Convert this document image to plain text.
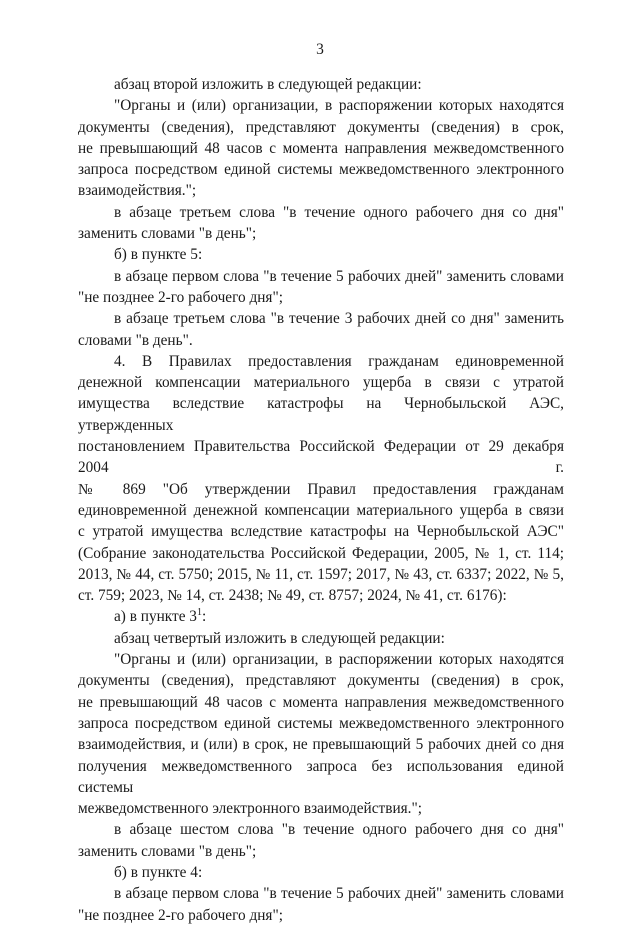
3
абзац второй изложить в следующей редакции:
"Органы и (или) организации, в распоряжении которых находятся
документы (сведения), представляют документы (сведения) в срок,
не превышающий 48 часов с момента направления межведомственного
запроса посредством единой системы межведомственного электронного
взаимодействия.";
в абзаце третьем слова "в течение одного рабочего дня со дня"
заменить словами "в день";
б) в пункте 5:
в абзаце первом слова "в течение 5 рабочих дней" заменить словами
"не позднее 2-го рабочего дня";
в абзаце третьем слова "в течение 3 рабочих дней со дня" заменить
словами "в день".
4. В Правилах предоставления гражданам единовременной
денежной компенсации материального ущерба в связи с утратой
имущества вследствие катастрофы на Чернобыльской АЭС, утвержденных
постановлением Правительства Российской Федерации от 29 декабря 2004 г.
№ 869 "Об утверждении Правил предоставления гражданам
единовременной денежной компенсации материального ущерба в связи
с утратой имущества вследствие катастрофы на Чернобыльской АЭС"
(Собрание законодательства Российской Федерации, 2005, № 1, ст. 114;
2013, № 44, ст. 5750; 2015, № 11, ст. 1597; 2017, № 43, ст. 6337; 2022, № 5,
ст. 759; 2023, № 14, ст. 2438; № 49, ст. 8757; 2024, № 41, ст. 6176):
а) в пункте $3^1$:
абзац четвертый изложить в следующей редакции:
"Органы и (или) организации, в распоряжении которых находятся
документы (сведения), представляют документы (сведения) в срок,
не превышающий 48 часов с момента направления межведомственного
запроса посредством единой системы межведомственного электронного
взаимодействия, и (или) в срок, не превышающий 5 рабочих дней со дня
получения межведомственного запроса без использования единой системы
межведомственного электронного взаимодействия.";
в абзаце шестом слова "в течение одного рабочего дня со дня"
заменить словами "в день";
б) в пункте 4:
в абзаце первом слова "в течение 5 рабочих дней" заменить словами
"не позднее 2-го рабочего дня";
